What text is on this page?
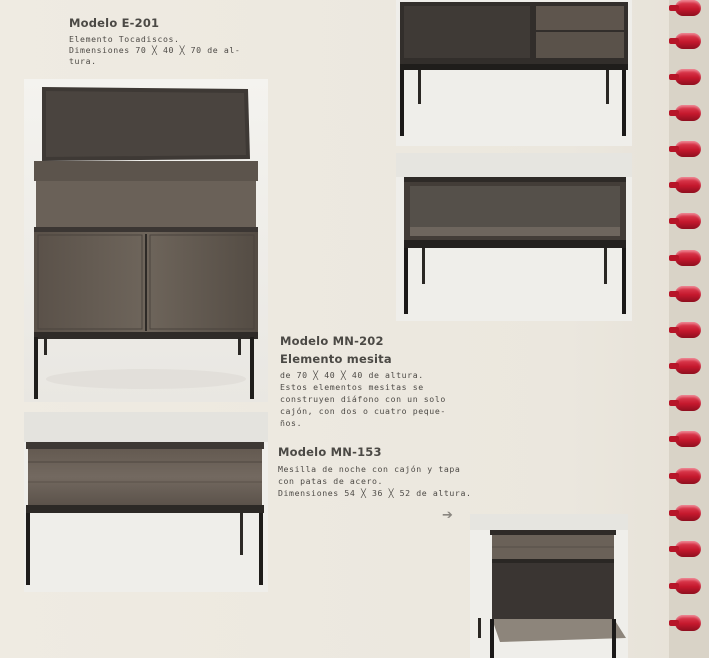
Modelo E-201
Elemento Tocadiscos.
Dimensiones 70 ╳ 40 ╳ 70 de al-
tura.
Modelo MN-202
Elemento mesita
de 70 ╳ 40 ╳ 40 de altura.
Estos elementos mesitas se
construyen diáfono con un solo
cajón, con dos o cuatro peque-
ños.
Modelo MN-153
Mesilla de noche con cajón y tapa
con patas de acero.
Dimensiones 54 ╳ 36 ╳ 52 de altura.
➔
